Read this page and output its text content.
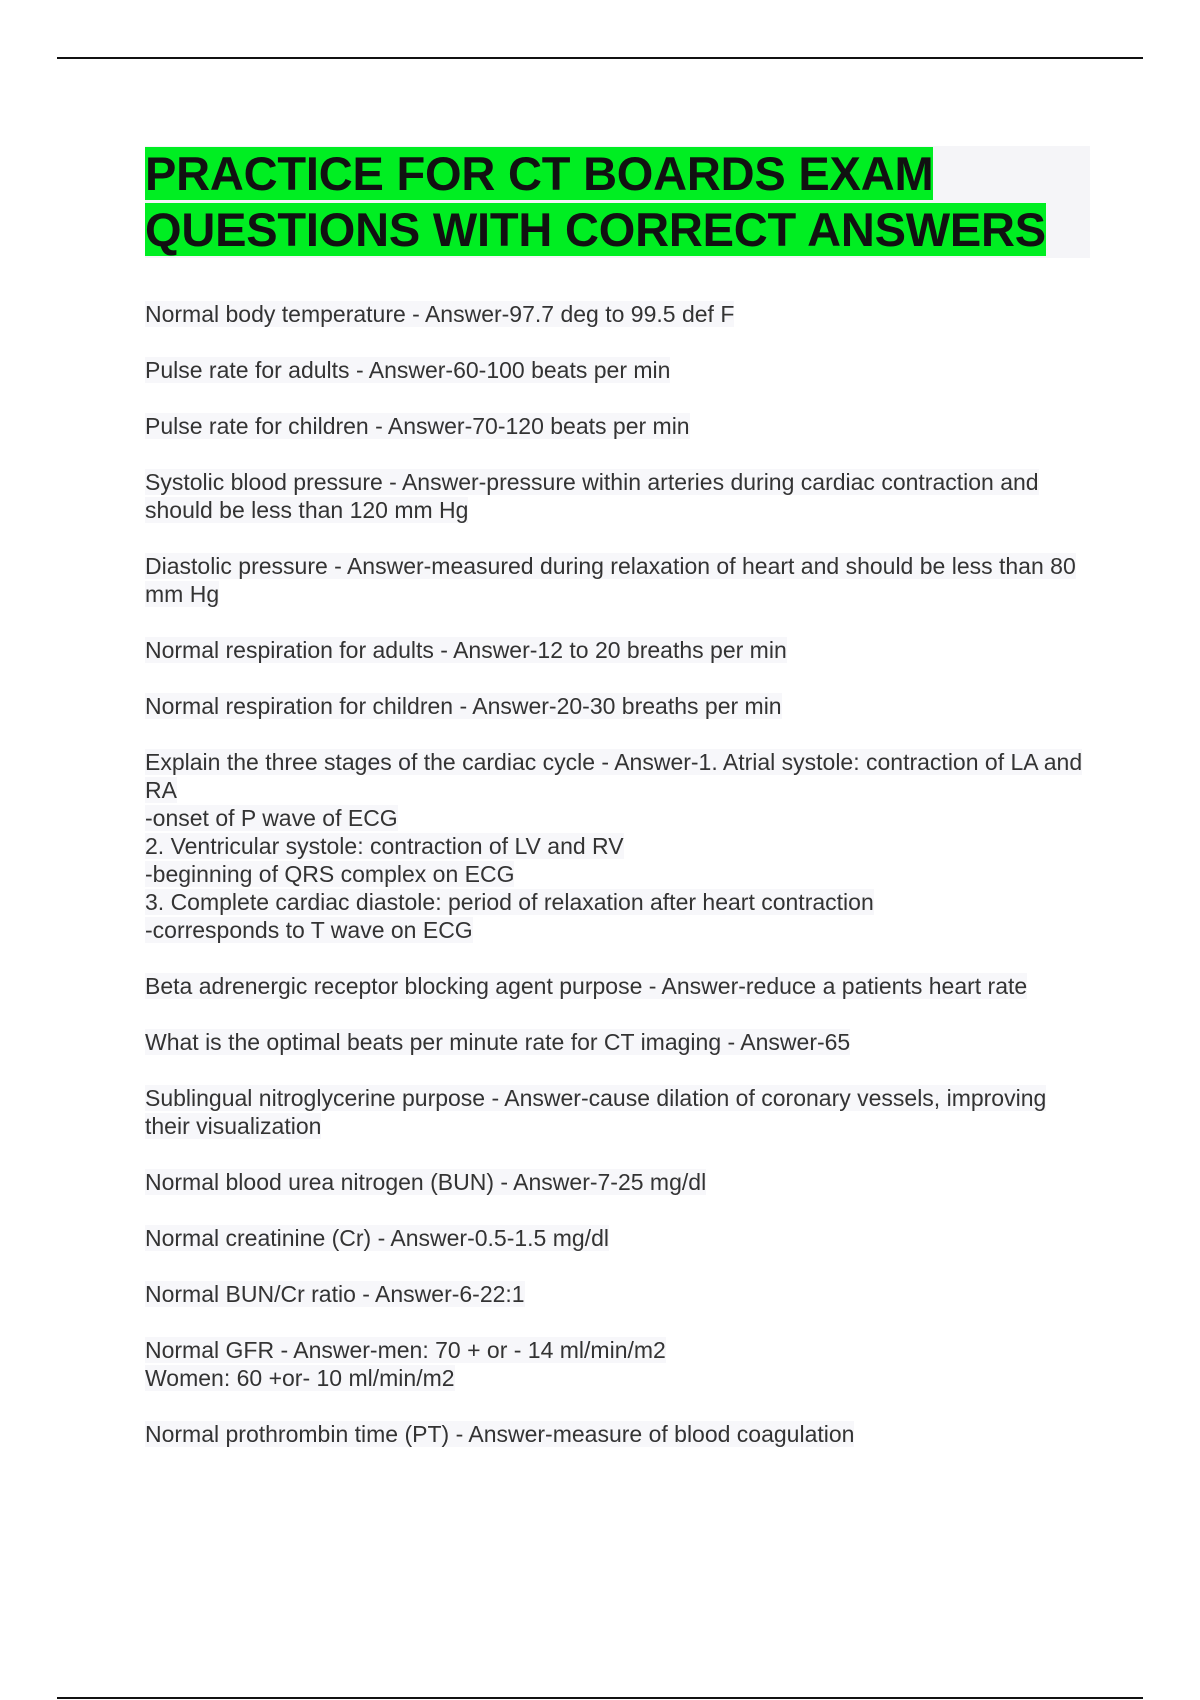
PRACTICE FOR CT BOARDS EXAM
QUESTIONS WITH CORRECT ANSWERS

Normal body temperature - Answer-97.7 deg to 99.5 def F

Pulse rate for adults - Answer-60-100 beats per min

Pulse rate for children - Answer-70-120 beats per min

Systolic blood pressure - Answer-pressure within arteries during cardiac contraction and should be less than 120 mm Hg

Diastolic pressure - Answer-measured during relaxation of heart and should be less than 80 mm Hg

Normal respiration for adults - Answer-12 to 20 breaths per min

Normal respiration for children - Answer-20-30 breaths per min

Explain the three stages of the cardiac cycle - Answer-1. Atrial systole: contraction of LA and RA
-onset of P wave of ECG
2. Ventricular systole: contraction of LV and RV
-beginning of QRS complex on ECG
3. Complete cardiac diastole: period of relaxation after heart contraction
-corresponds to T wave on ECG

Beta adrenergic receptor blocking agent purpose - Answer-reduce a patients heart rate

What is the optimal beats per minute rate for CT imaging - Answer-65

Sublingual nitroglycerine purpose - Answer-cause dilation of coronary vessels, improving their visualization

Normal blood urea nitrogen (BUN) - Answer-7-25 mg/dl

Normal creatinine (Cr) - Answer-0.5-1.5 mg/dl

Normal BUN/Cr ratio - Answer-6-22:1

Normal GFR - Answer-men: 70 + or - 14 ml/min/m2
Women: 60 +or- 10 ml/min/m2

Normal prothrombin time (PT) - Answer-measure of blood coagulation
